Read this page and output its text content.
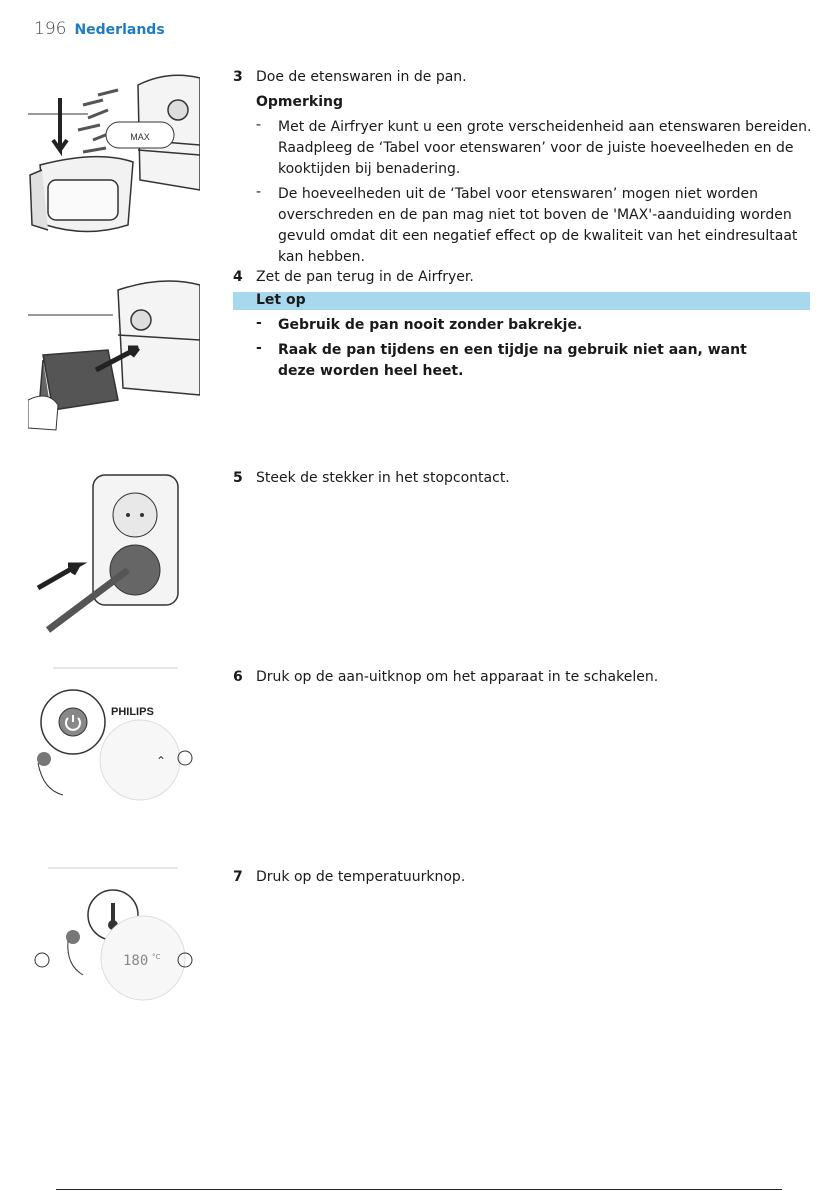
196 Nederlands
3 Doe de etenswaren in de pan.
Opmerking
- Met de Airfryer kunt u een grote verscheidenheid aan etenswaren bereiden. Raadpleeg de ‘Tabel voor etenswaren’ voor de juiste hoeveelheden en de kooktijden bij benadering.
- De hoeveelheden uit de ‘Tabel voor etenswaren’ mogen niet worden overschreden en de pan mag niet tot boven de 'MAX'-aanduiding worden gevuld omdat dit een negatief effect op de kwaliteit van het eindresultaat kan hebben.
4 Zet de pan terug in de Airfryer.
Let op
- Gebruik de pan nooit zonder bakrekje.
- Raak de pan tijdens en een tijdje na gebruik niet aan, want deze worden heel heet.
5 Steek de stekker in het stopcontact.
6 Druk op de aan-uitknop om het apparaat in te schakelen.
7 Druk op de temperatuurknop.
MAX
PHILIPS
⌃
180 °C
